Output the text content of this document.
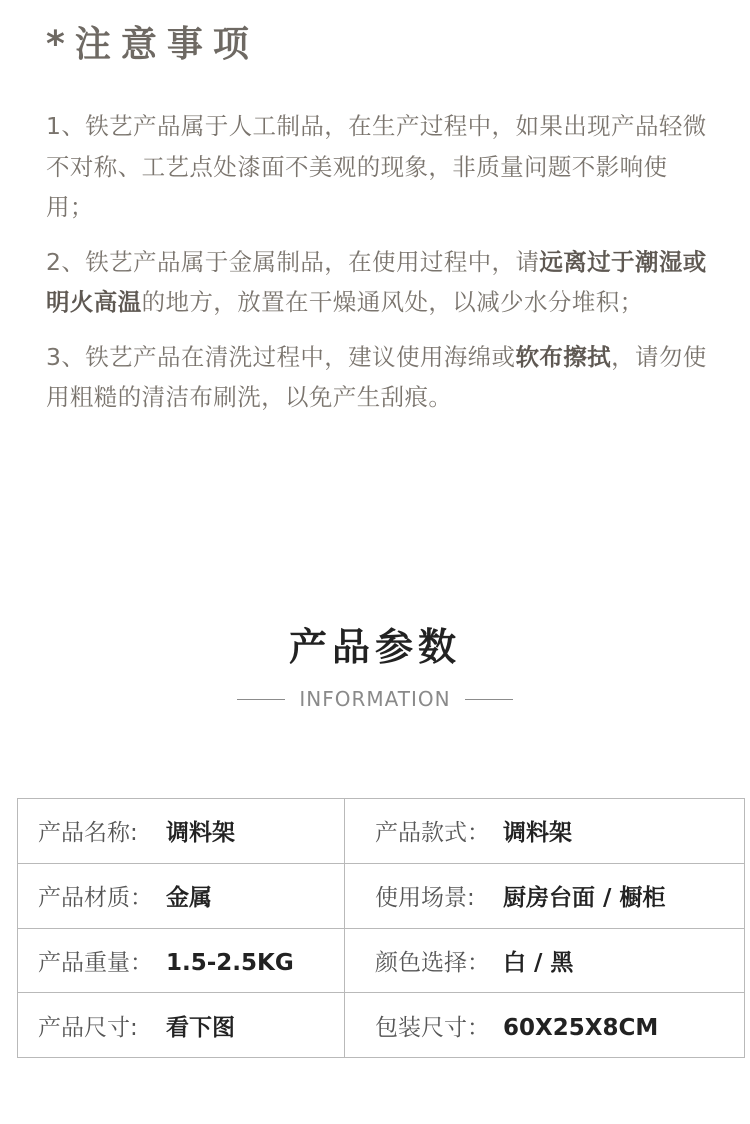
*注意事项
1、铁艺产品属于人工制品，在生产过程中，如果出现产品轻微不对称、工艺点处漆面不美观的现象，非质量问题不影响使用；
2、铁艺产品属于金属制品，在使用过程中，请远离过于潮湿或明火高温的地方，放置在干燥通风处，以减少水分堆积；
3、铁艺产品在清洗过程中，建议使用海绵或软布擦拭，请勿使用粗糙的清洁布刷洗，以免产生刮痕。
产品参数
INFORMATION
产品名称: 调料架	产品款式： 调料架
产品材质： 金属	使用场景: 厨房台面 / 橱柜
产品重量： 1.5-2.5KG	颜色选择： 白 / 黑
产品尺寸: 看下图	包装尺寸： 60X25X8CM
